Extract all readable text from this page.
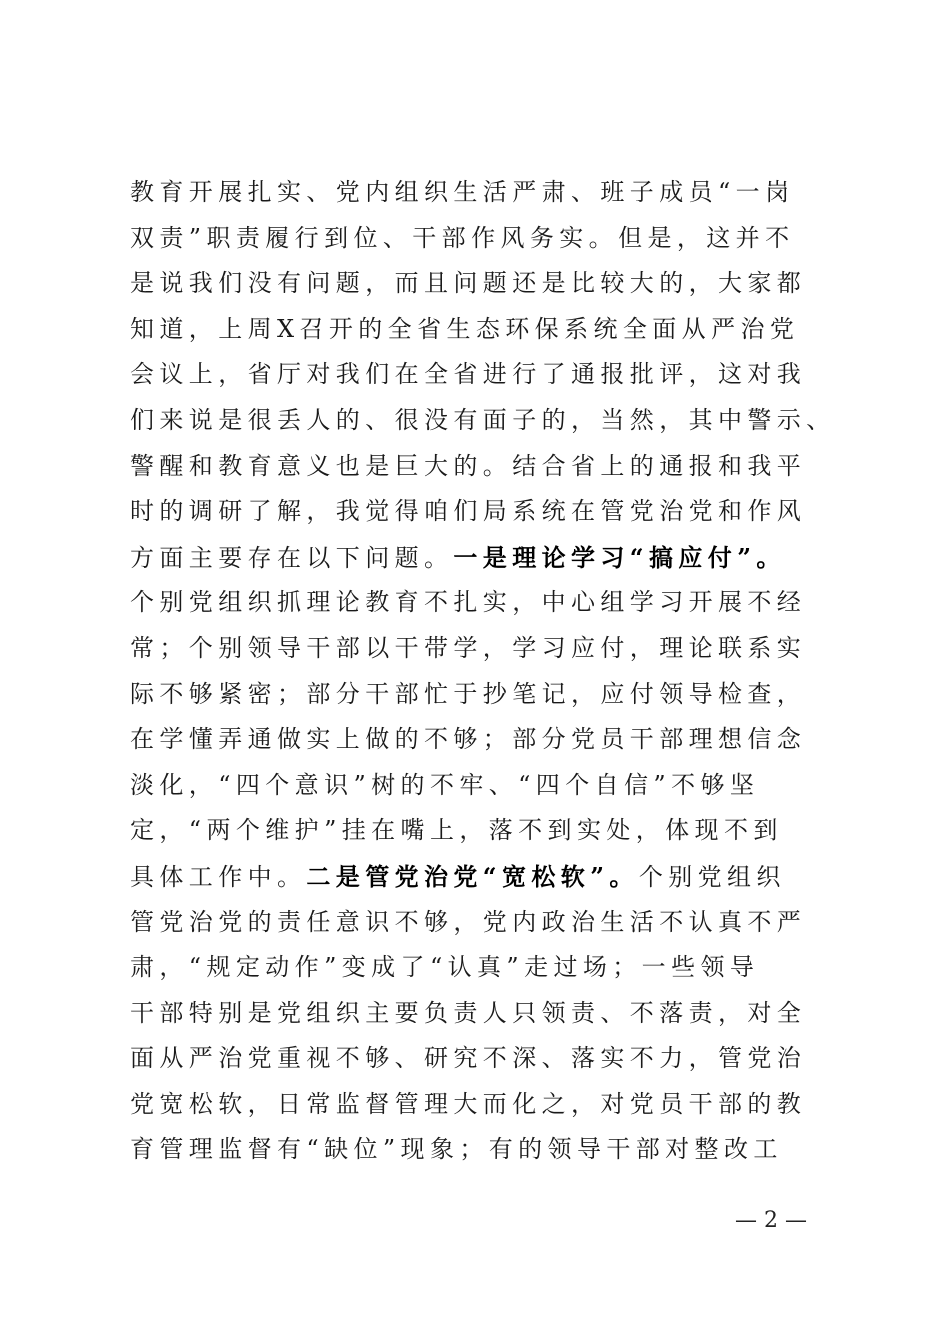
教育开展扎实、党内组织生活严肃、班子成员“一岗
双责”职责履行到位、干部作风务实。但是，这并不
是说我们没有问题，而且问题还是比较大的，大家都
知道，上周X召开的全省生态环保系统全面从严治党
会议上，省厅对我们在全省进行了通报批评，这对我
们来说是很丢人的、很没有面子的，当然，其中警示、
警醒和教育意义也是巨大的。结合省上的通报和我平
时的调研了解，我觉得咱们局系统在管党治党和作风
方面主要存在以下问题。一是理论学习“搞应付”。
个别党组织抓理论教育不扎实，中心组学习开展不经
常；个别领导干部以干带学，学习应付，理论联系实
际不够紧密；部分干部忙于抄笔记，应付领导检查，
在学懂弄通做实上做的不够；部分党员干部理想信念
淡化，“四个意识”树的不牢、“四个自信”不够坚
定，“两个维护”挂在嘴上，落不到实处，体现不到
具体工作中。二是管党治党“宽松软”。个别党组织
管党治党的责任意识不够，党内政治生活不认真不严
肃，“规定动作”变成了“认真”走过场；一些领导
干部特别是党组织主要负责人只领责、不落责，对全
面从严治党重视不够、研究不深、落实不力，管党治
党宽松软，日常监督管理大而化之，对党员干部的教
育管理监督有“缺位”现象；有的领导干部对整改工
— 2 —
